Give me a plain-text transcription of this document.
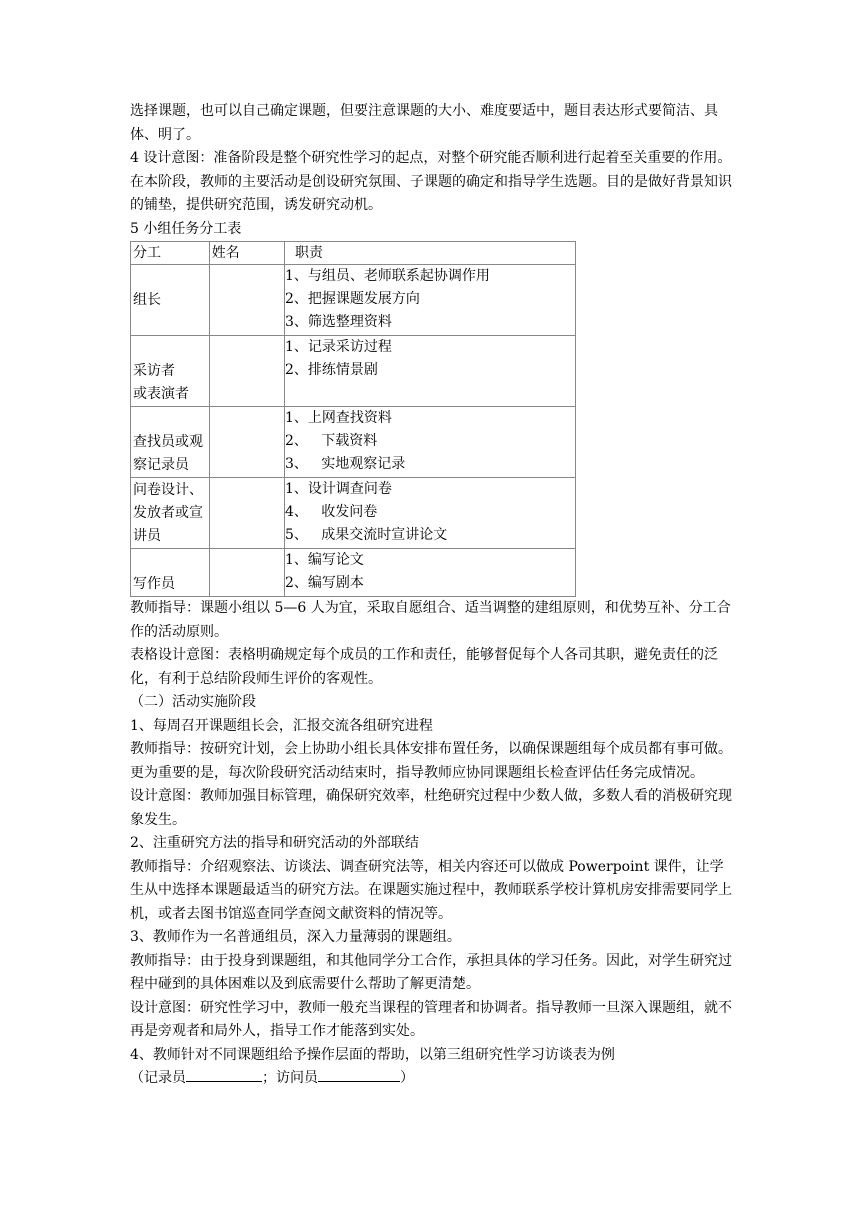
选择课题，也可以自己确定课题，但要注意课题的大小、难度要适中，题目表达形式要简洁、具体、明了。

4 设计意图：准备阶段是整个研究性学习的起点，对整个研究能否顺利进行起着至关重要的作用。在本阶段，教师的主要活动是创设研究氛围、子课题的确定和指导学生选题。目的是做好背景知识的铺垫，提供研究范围，诱发研究动机。

5 小组任务分工表

分工	姓名	职责

组长		1、与组员、老师联系起协调作用
2、把握课题发展方向
3、筛选整理资料

采访者
或表演者		1、记录采访过程
2、排练情景剧

查找员或观
察记录员		1、上网查找资料
2、   下载资料
3、   实地观察记录

问卷设计、
发放者或宣
讲员		1、设计调查问卷
4、   收发问卷
5、   成果交流时宣讲论文

写作员		1、编写论文
2、编写剧本

教师指导：课题小组以 5—6 人为宜，采取自愿组合、适当调整的建组原则，和优势互补、分工合作的活动原则。

表格设计意图：表格明确规定每个成员的工作和责任，能够督促每个人各司其职，避免责任的泛化，有利于总结阶段师生评价的客观性。

（二）活动实施阶段

1、每周召开课题组长会，汇报交流各组研究进程

教师指导：按研究计划，会上协助小组长具体安排布置任务，以确保课题组每个成员都有事可做。更为重要的是，每次阶段研究活动结束时，指导教师应协同课题组长检查评估任务完成情况。

设计意图：教师加强目标管理，确保研究效率，杜绝研究过程中少数人做，多数人看的消极研究现象发生。

2、注重研究方法的指导和研究活动的外部联结

教师指导：介绍观察法、访谈法、调查研究法等，相关内容还可以做成 Powerpoint 课件，让学生从中选择本课题最适当的研究方法。在课题实施过程中，教师联系学校计算机房安排需要同学上机，或者去图书馆巡查同学查阅文献资料的情况等。

3、教师作为一名普通组员，深入力量薄弱的课题组。

教师指导：由于投身到课题组，和其他同学分工合作，承担具体的学习任务。因此，对学生研究过程中碰到的具体困难以及到底需要什么帮助了解更清楚。

设计意图：研究性学习中，教师一般充当课程的管理者和协调者。指导教师一旦深入课题组，就不再是旁观者和局外人，指导工作才能落到实处。

4、教师针对不同课题组给予操作层面的帮助，以第三组研究性学习访谈表为例

（记录员	；访问员	）
